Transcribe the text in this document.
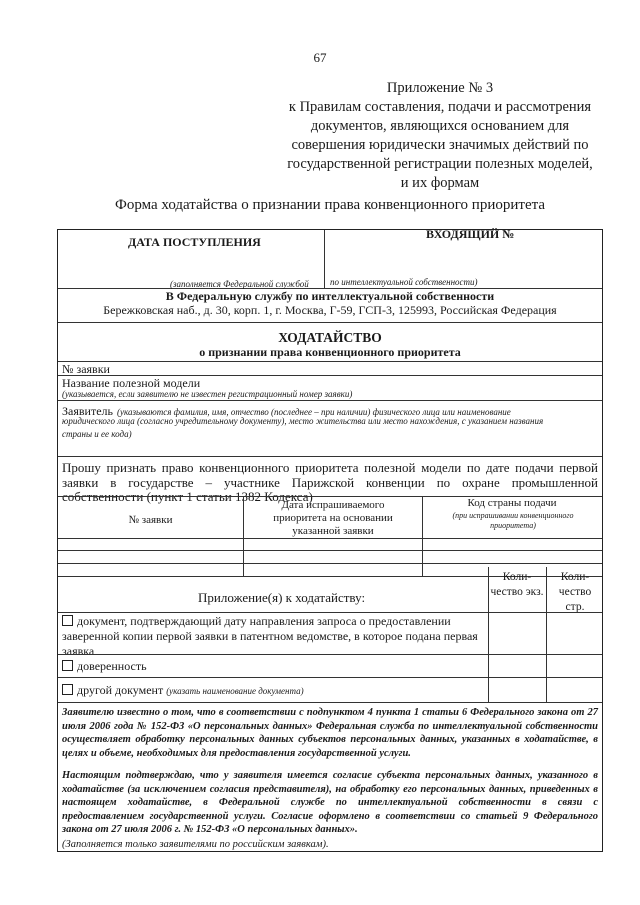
67
Приложение № 3
к Правилам составления, подачи и рассмотрения
документов, являющихся основанием для
совершения юридически значимых действий по
государственной регистрации полезных моделей,
и их формам
Форма ходатайства о признании права конвенционного приоритета
ДАТА ПОСТУПЛЕНИЯ
ВХОДЯЩИЙ №
(заполняется Федеральной службой по интеллектуальной собственности)
В Федеральную службу по интеллектуальной собственности
Бережковская наб., д. 30, корп. 1, г. Москва, Г-59, ГСП-3, 125993, Российская Федерация
ХОДАТАЙСТВО
о признании права конвенционного приоритета
№ заявки
Название полезной модели
(указывается, если заявителю не известен регистрационный номер заявки)
Заявитель (указываются фамилия, имя, отчество (последнее – при наличии) физического лица или наименование
юридического лица (согласно учредительному документу), место жительства или место нахождения, с указанием названия
страны и ее кода)
Прошу признать право конвенционного приоритета полезной модели по дате подачи первой заявки в государстве – участнике Парижской конвенции по охране промышленной собственности (пункт 1 статьи 1382 Кодекса)
№ заявки
Дата испрашиваемого приоритета на основании указанной заявки
Код страны подачи
(при испрашивании конвенционного приоритета)
Приложение(я) к ходатайству:
Коли-чество экз.
Коли-чество стр.
документ, подтверждающий дату направления запроса о предоставлении заверенной копии первой заявки в патентном ведомстве, в которое подана первая заявка
доверенность
другой документ (указать наименование документа)
Заявителю известно о том, что в соответствии с подпунктом 4 пункта 1 статьи 6 Федерального закона от 27 июля 2006 года № 152-ФЗ «О персональных данных» Федеральная служба по интеллектуальной собственности осуществляет обработку персональных данных субъектов персональных данных, указанных в ходатайстве, в целях и объеме, необходимых для предоставления государственной услуги.
Настоящим подтверждаю, что у заявителя имеется согласие субъекта персональных данных, указанного в ходатайстве (за исключением согласия представителя), на обработку его персональных данных, приведенных в настоящем ходатайстве, в Федеральной службе по интеллектуальной собственности в связи с предоставлением государственной услуги. Согласие оформлено в соответствии со статьей 9 Федерального закона от 27 июля 2006 г. № 152-ФЗ «О персональных данных».
(Заполняется только заявителями по российским заявкам).
